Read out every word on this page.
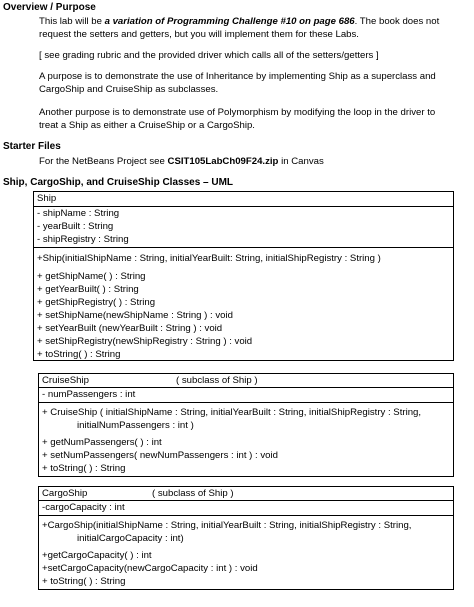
Overview / Purpose
This lab will be a variation of Programming Challenge #10 on page 686. The book does not
request the setters and getters, but you will implement them for these Labs.
[ see grading rubric and the provided driver which calls all of the setters/getters ]
A purpose is to demonstrate the use of Inheritance by implementing Ship as a superclass and
CargoShip and CruiseShip as subclasses.
Another purpose is to demonstrate use of Polymorphism by modifying the loop in the driver to
treat a Ship as either a CruiseShip or a CargoShip.
Starter Files
For the NetBeans Project see CSIT105LabCh09F24.zip in Canvas
Ship, CargoShip, and CruiseShip Classes – UML
Ship
- shipName : String
- yearBuilt : String
- shipRegistry : String
+Ship(initialShipName : String, initialYearBuilt: String, initialShipRegistry : String )
+ getShipName( ) : String
+ getYearBuilt( ) : String
+ getShipRegistry( ) : String
+ setShipName(newShipName : String ) : void
+ setYearBuilt (newYearBuilt : String ) : void
+ setShipRegistry(newShipRegistry : String ) : void
+ toString( ) : String
CruiseShip	( subclass of Ship )
- numPassengers : int
+ CruiseShip ( initialShipName : String, initialYearBuilt : String, initialShipRegistry : String,
initialNumPassengers : int )
+ getNumPassengers( ) : int
+ setNumPassengers( newNumPassengers : int ) : void
+ toString( ) : String
CargoShip	( subclass of Ship )
-cargoCapacity : int
+CargoShip(initialShipName : String, initialYearBuilt : String, initialShipRegistry : String,
initialCargoCapacity : int)
+getCargoCapacity( ) : int
+setCargoCapacity(newCargoCapacity : int ) : void
+ toString( ) : String
